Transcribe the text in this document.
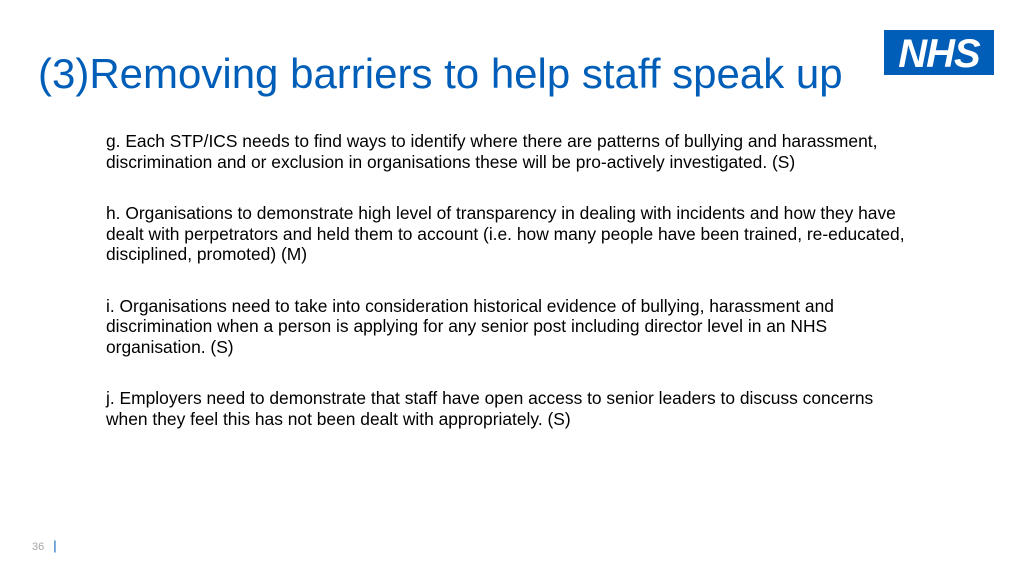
(3)Removing barriers to help staff speak up NHS

g. Each STP/ICS needs to find ways to identify where there are patterns of bullying and harassment, discrimination and or exclusion in organisations these will be pro-actively investigated. (S)

h. Organisations to demonstrate high level of transparency in dealing with incidents and how they have dealt with perpetrators and held them to account (i.e. how many people have been trained, re-educated, disciplined, promoted) (M)

i. Organisations need to take into consideration historical evidence of bullying, harassment and discrimination when a person is applying for any senior post including director level in an NHS organisation. (S)

j. Employers need to demonstrate that staff have open access to senior leaders to discuss concerns when they feel this has not been dealt with appropriately. (S)

36 |
